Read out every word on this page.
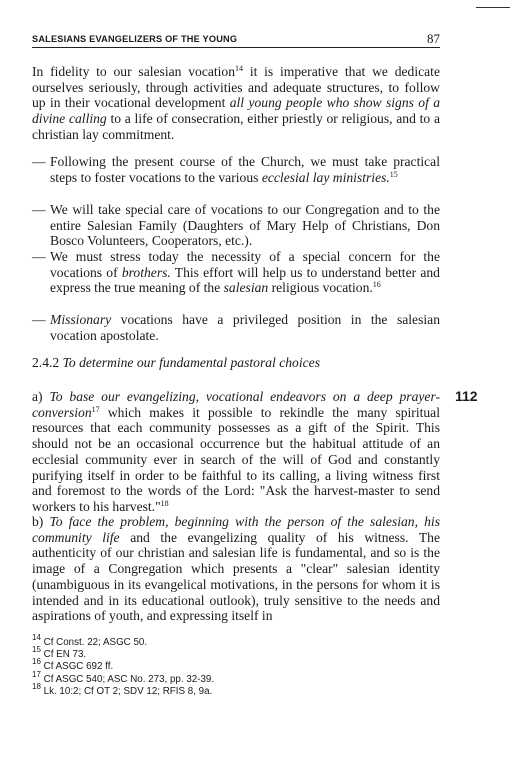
SALESIANS EVANGELIZERS OF THE YOUNG	87
In fidelity to our salesian vocation$^{14}$ it is imperative that we dedicate ourselves seriously, through activities and adequate structures, to follow up in their vocational development all young people who show signs of a divine calling to a life of consecration, either priestly or religious, and to a christian lay commitment.
— Following the present course of the Church, we must take practical steps to foster vocations to the various ecclesial lay ministries.$^{15}$
— We will take special care of vocations to our Congregation and to the entire Salesian Family (Daughters of Mary Help of Christians, Don Bosco Volunteers, Cooperators, etc.).
— We must stress today the necessity of a special concern for the vocations of brothers. This effort will help us to understand better and express the true meaning of the salesian religious vocation.$^{16}$
— Missionary vocations have a privileged position in the salesian vocation apostolate.
2.4.2 To determine our fundamental pastoral choices
112
a) To base our evangelizing, vocational endeavors on a deep prayer-conversion$^{17}$ which makes it possible to rekindle the many spiritual resources that each community possesses as a gift of the Spirit. This should not be an occasional occurrence but the habitual attitude of an ecclesial community ever in search of the will of God and constantly purifying itself in order to be faithful to its calling, a living witness first and foremost to the words of the Lord: "Ask the harvest-master to send workers to his harvest."$^{18}$
b) To face the problem, beginning with the person of the salesian, his community life and the evangelizing quality of his witness. The authenticity of our christian and salesian life is fundamental, and so is the image of a Congregation which presents a "clear" salesian identity (unambiguous in its evangelical motivations, in the persons for whom it is intended and in its educational outlook), truly sensitive to the needs and aspirations of youth, and expressing itself in
$^{14}$ Cf Const. 22; ASGC 50.
$^{15}$ Cf EN 73.
$^{16}$ Cf ASGC 692 ff.
$^{17}$ Cf ASGC 540; ASC No. 273, pp. 32-39.
$^{18}$ Lk. 10:2; Cf OT 2; SDV 12; RFIS 8, 9a.
